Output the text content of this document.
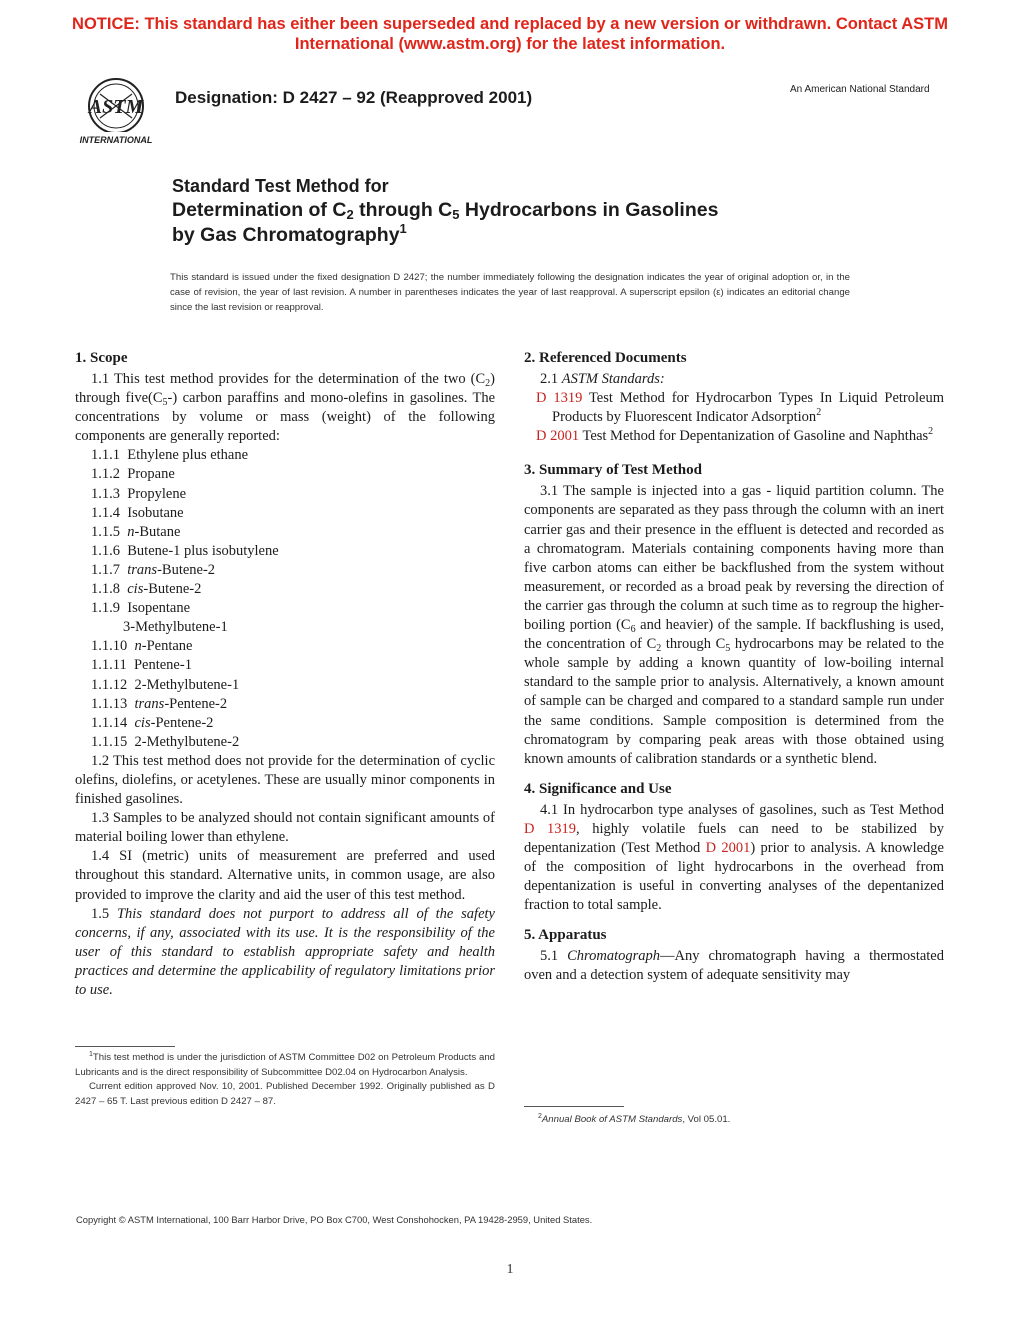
NOTICE: This standard has either been superseded and replaced by a new version or withdrawn. Contact ASTM
International (www.astm.org) for the latest information.
ASTM
INTERNATIONAL
Designation: D 2427 – 92 (Reapproved 2001)	An American National Standard
Standard Test Method for
Determination of $C_2$ through $C_5$ Hydrocarbons in Gasolines
by Gas Chromatography$^1$
This standard is issued under the fixed designation D 2427; the number immediately following the designation indicates the year of original adoption or, in the case of revision, the year of last revision. A number in parentheses indicates the year of last reapproval. A superscript epsilon (ε) indicates an editorial change since the last revision or reapproval.
1. Scope

1.1 This test method provides for the determination of the two $(C_2)$ through $five(C_5-)$ carbon paraffins and mono-olefins in gasolines. The concentrations by volume or mass (weight) of the following components are generally reported:

1.1.1 Ethylene plus ethane

1.1.2 Propane

1.1.3 Propylene

1.1.4 Isobutane

1.1.5 n-Butane

1.1.6 Butene-1 plus isobutylene

1.1.7 trans-Butene-2

1.1.8 cis-Butene-2

1.1.9 Isopentane

3-Methylbutene-1

1.1.10 n-Pentane

1.1.11 Pentene-1

1.1.12 2-Methylbutene-1

1.1.13 trans-Pentene-2

1.1.14 cis-Pentene-2

1.1.15 2-Methylbutene-2

1.2 This test method does not provide for the determination of cyclic olefins, diolefins, or acetylenes. These are usually minor components in finished gasolines.

1.3 Samples to be analyzed should not contain significant amounts of material boiling lower than ethylene.

1.4 SI (metric) units of measurement are preferred and used throughout this standard. Alternative units, in common usage, are also provided to improve the clarity and aid the user of this test method.

1.5 This standard does not purport to address all of the safety concerns, if any, associated with its use. It is the responsibility of the user of this standard to establish appropriate safety and health practices and determine the applicability of regulatory limitations prior to use.

$^1$This test method is under the jurisdiction of ASTM Committee D02 on Petroleum Products and Lubricants and is the direct responsibility of Subcommittee D02.04 on Hydrocarbon Analysis.

Current edition approved Nov. 10, 2001. Published December 1992. Originally published as D 2427 – 65 T. Last previous edition D 2427 – 87.

2. Referenced Documents

2.1 ASTM Standards:

D 1319 Test Method for Hydrocarbon Types In Liquid Petroleum Products by Fluorescent Indicator Adsorption$^2$

D 2001 Test Method for Depentanization of Gasoline and Naphthas$^2$

3. Summary of Test Method

3.1 The sample is injected into a gas - liquid partition column. The components are separated as they pass through the column with an inert carrier gas and their presence in the effluent is detected and recorded as a chromatogram. Materials containing components having more than five carbon atoms can either be backflushed from the system without measurement, or recorded as a broad peak by reversing the direction of the carrier gas through the column at such time as to regroup the higher-boiling portion ($C_6$ and heavier) of the sample. If backflushing is used, the concentration of $C_2$ through $C_5$ hydrocarbons may be related to the whole sample by adding a known quantity of low-boiling internal standard to the sample prior to analysis. Alternatively, a known amount of sample can be charged and compared to a standard sample run under the same conditions. Sample composition is determined from the chromatogram by comparing peak areas with those obtained using known amounts of calibration standards or a synthetic blend.

4. Significance and Use

4.1 In hydrocarbon type analyses of gasolines, such as Test Method D 1319, highly volatile fuels can need to be stabilized by depentanization (Test Method D 2001) prior to analysis. A knowledge of the composition of light hydrocarbons in the overhead from depentanization is useful in converting analyses of the depentanized fraction to total sample.

5. Apparatus

5.1 Chromatograph—Any chromatograph having a thermostated oven and a detection system of adequate sensitivity may

$^2$Annual Book of ASTM Standards, Vol 05.01.

Copyright © ASTM International, 100 Barr Harbor Drive, PO Box C700, West Conshohocken, PA 19428-2959, United States.
1
